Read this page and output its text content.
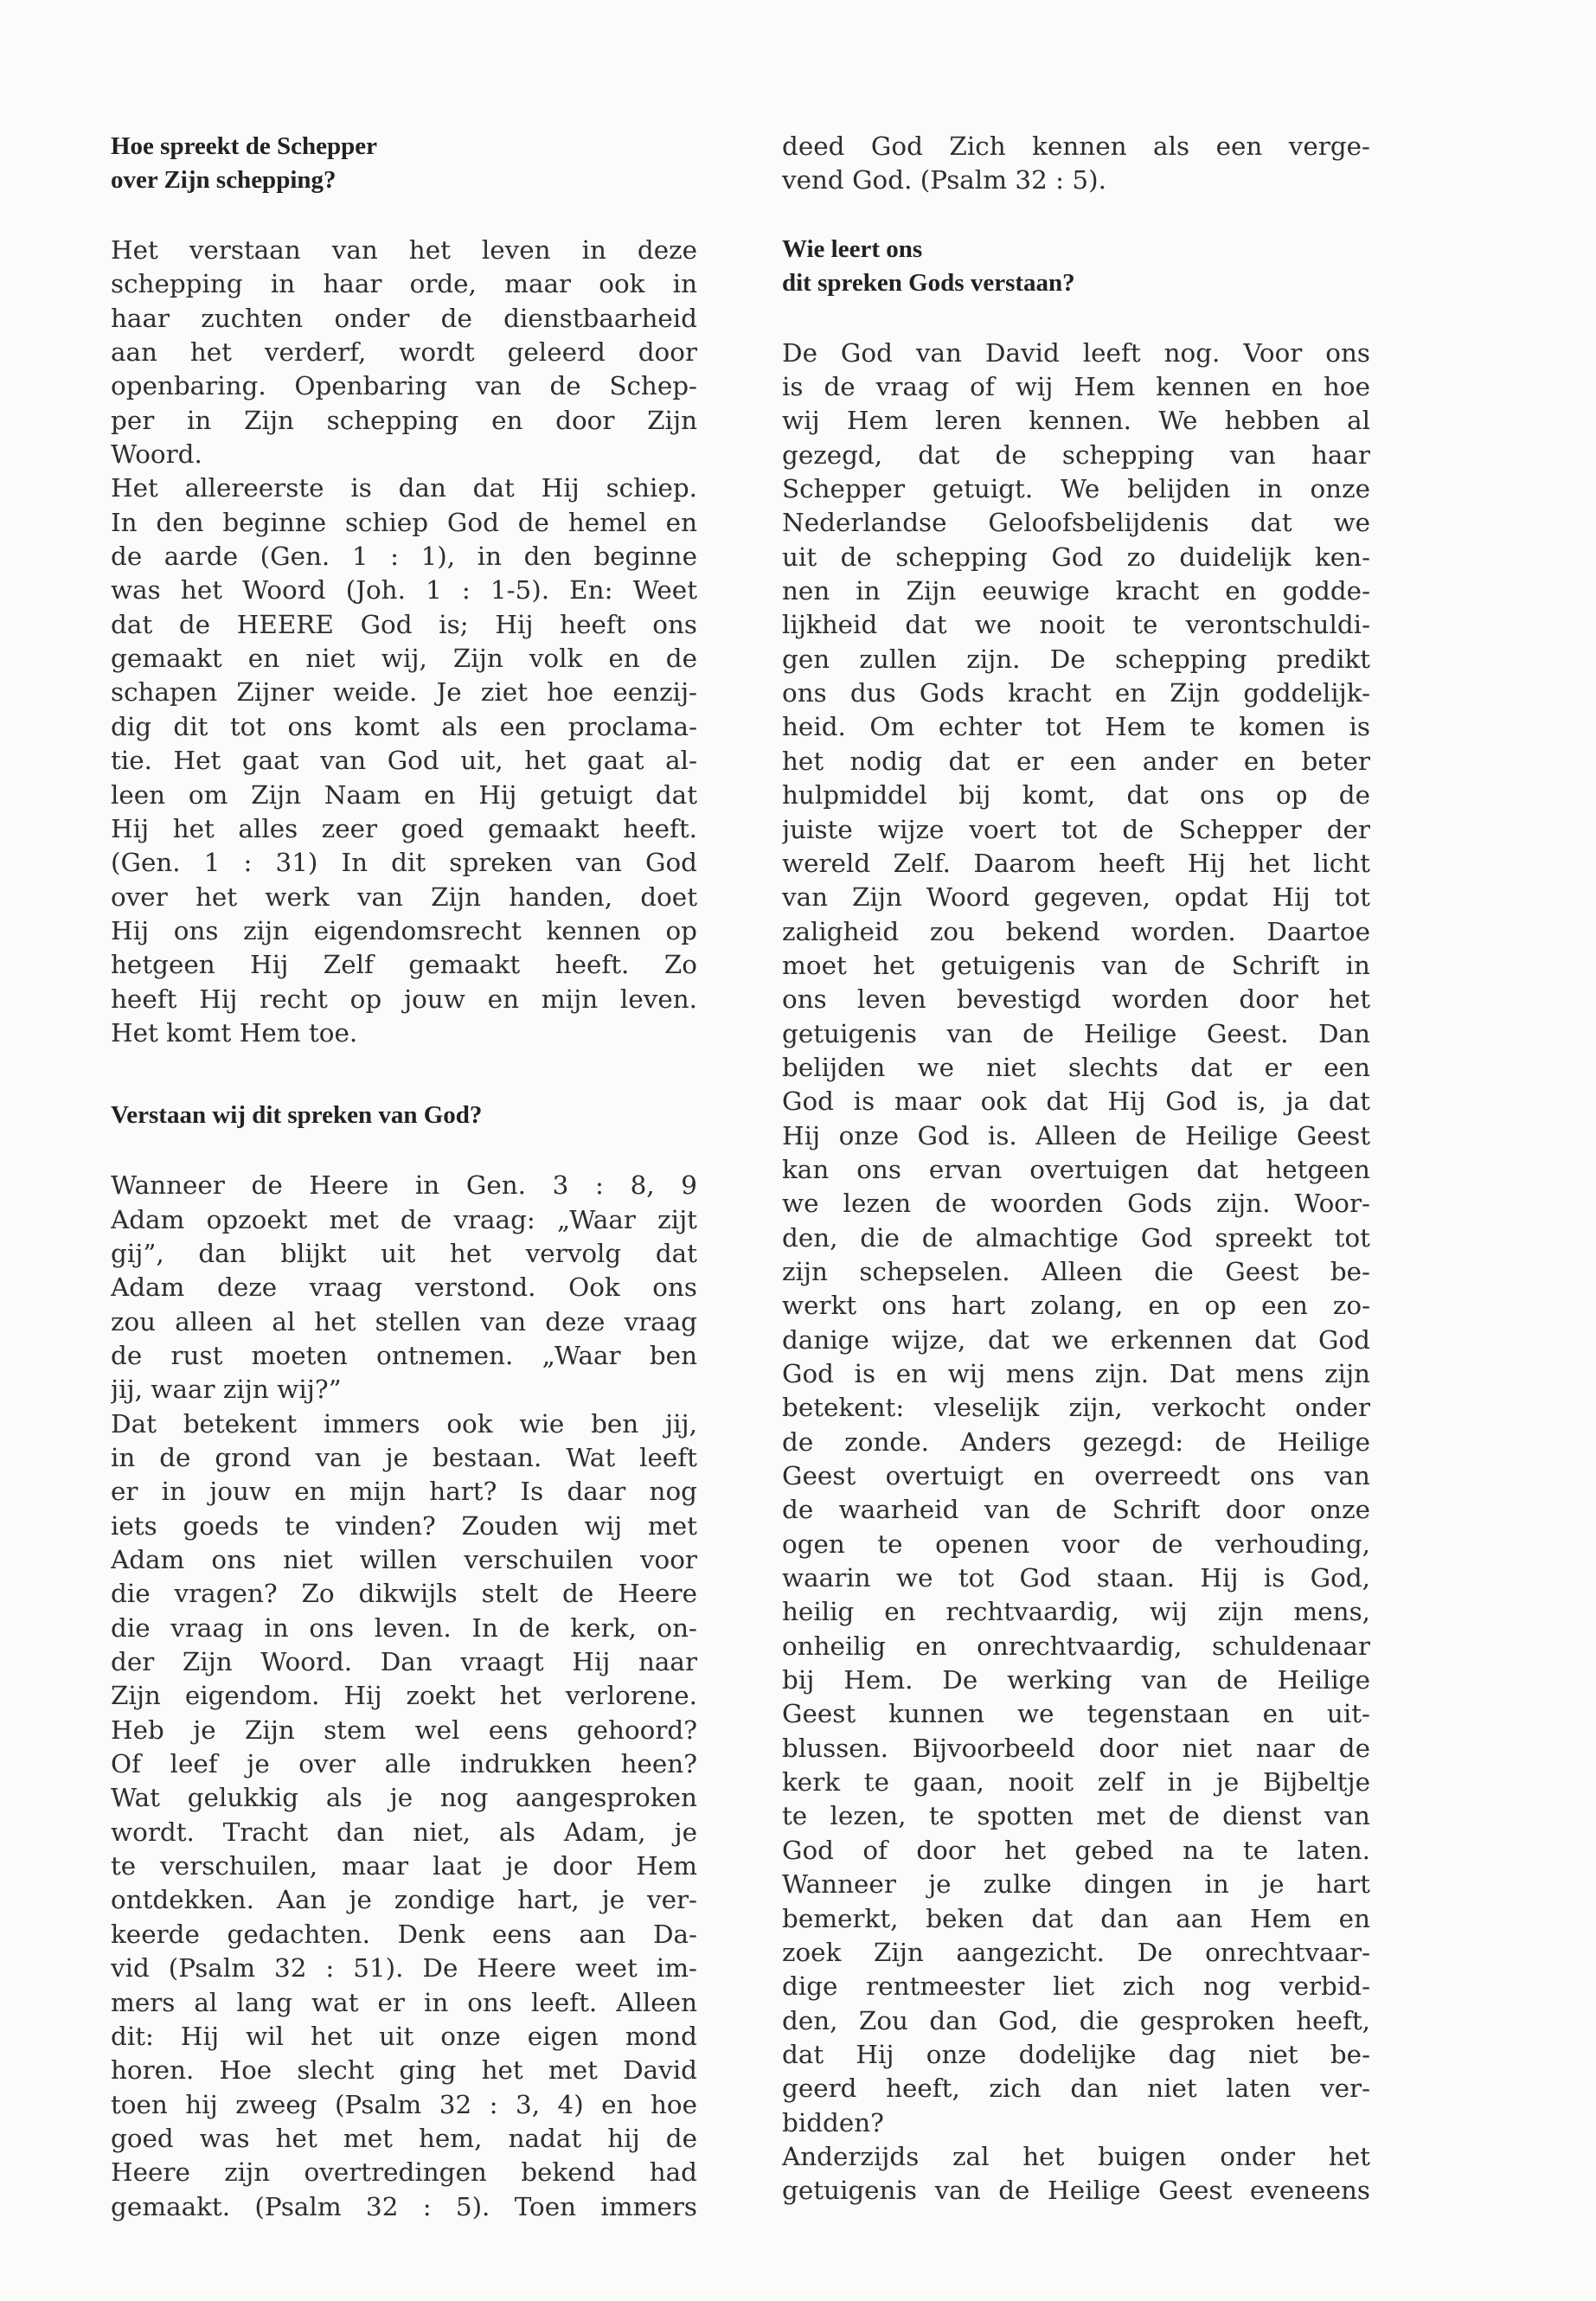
Hoe spreekt de Schepper
over Zijn schepping?
Het verstaan van het leven in deze
schepping in haar orde, maar ook in
haar zuchten onder de dienstbaarheid
aan het verderf, wordt geleerd door
openbaring. Openbaring van de Schep-
per in Zijn schepping en door Zijn
Woord.
Het allereerste is dan dat Hij schiep.
In den beginne schiep God de hemel en
de aarde (Gen. 1 : 1), in den beginne
was het Woord (Joh. 1 : 1-5). En: Weet
dat de HEERE God is; Hij heeft ons
gemaakt en niet wij, Zijn volk en de
schapen Zijner weide. Je ziet hoe eenzij-
dig dit tot ons komt als een proclama-
tie. Het gaat van God uit, het gaat al-
leen om Zijn Naam en Hij getuigt dat
Hij het alles zeer goed gemaakt heeft.
(Gen. 1 : 31) In dit spreken van God
over het werk van Zijn handen, doet
Hij ons zijn eigendomsrecht kennen op
hetgeen Hij Zelf gemaakt heeft. Zo
heeft Hij recht op jouw en mijn leven.
Het komt Hem toe.
Verstaan wij dit spreken van God?
Wanneer de Heere in Gen. 3 : 8, 9
Adam opzoekt met de vraag: „Waar zijt
gij”, dan blijkt uit het vervolg dat
Adam deze vraag verstond. Ook ons
zou alleen al het stellen van deze vraag
de rust moeten ontnemen. „Waar ben
jij, waar zijn wij?”
Dat betekent immers ook wie ben jij,
in de grond van je bestaan. Wat leeft
er in jouw en mijn hart? Is daar nog
iets goeds te vinden? Zouden wij met
Adam ons niet willen verschuilen voor
die vragen? Zo dikwijls stelt de Heere
die vraag in ons leven. In de kerk, on-
der Zijn Woord. Dan vraagt Hij naar
Zijn eigendom. Hij zoekt het verlorene.
Heb je Zijn stem wel eens gehoord?
Of leef je over alle indrukken heen?
Wat gelukkig als je nog aangesproken
wordt. Tracht dan niet, als Adam, je
te verschuilen, maar laat je door Hem
ontdekken. Aan je zondige hart, je ver-
keerde gedachten. Denk eens aan Da-
vid (Psalm 32 : 51). De Heere weet im-
mers al lang wat er in ons leeft. Alleen
dit: Hij wil het uit onze eigen mond
horen. Hoe slecht ging het met David
toen hij zweeg (Psalm 32 : 3, 4) en hoe
goed was het met hem, nadat hij de
Heere zijn overtredingen bekend had
gemaakt. (Psalm 32 : 5). Toen immers
deed God Zich kennen als een verge-
vend God. (Psalm 32 : 5).
Wie leert ons
dit spreken Gods verstaan?
De God van David leeft nog. Voor ons
is de vraag of wij Hem kennen en hoe
wij Hem leren kennen. We hebben al
gezegd, dat de schepping van haar
Schepper getuigt. We belijden in onze
Nederlandse Geloofsbelijdenis dat we
uit de schepping God zo duidelijk ken-
nen in Zijn eeuwige kracht en godde-
lijkheid dat we nooit te verontschuldi-
gen zullen zijn. De schepping predikt
ons dus Gods kracht en Zijn goddelijk-
heid. Om echter tot Hem te komen is
het nodig dat er een ander en beter
hulpmiddel bij komt, dat ons op de
juiste wijze voert tot de Schepper der
wereld Zelf. Daarom heeft Hij het licht
van Zijn Woord gegeven, opdat Hij tot
zaligheid zou bekend worden. Daartoe
moet het getuigenis van de Schrift in
ons leven bevestigd worden door het
getuigenis van de Heilige Geest. Dan
belijden we niet slechts dat er een
God is maar ook dat Hij God is, ja dat
Hij onze God is. Alleen de Heilige Geest
kan ons ervan overtuigen dat hetgeen
we lezen de woorden Gods zijn. Woor-
den, die de almachtige God spreekt tot
zijn schepselen. Alleen die Geest be-
werkt ons hart zolang, en op een zo-
danige wijze, dat we erkennen dat God
God is en wij mens zijn. Dat mens zijn
betekent: vleselijk zijn, verkocht onder
de zonde. Anders gezegd: de Heilige
Geest overtuigt en overreedt ons van
de waarheid van de Schrift door onze
ogen te openen voor de verhouding,
waarin we tot God staan. Hij is God,
heilig en rechtvaardig, wij zijn mens,
onheilig en onrechtvaardig, schuldenaar
bij Hem. De werking van de Heilige
Geest kunnen we tegenstaan en uit-
blussen. Bijvoorbeeld door niet naar de
kerk te gaan, nooit zelf in je Bijbeltje
te lezen, te spotten met de dienst van
God of door het gebed na te laten.
Wanneer je zulke dingen in je hart
bemerkt, beken dat dan aan Hem en
zoek Zijn aangezicht. De onrechtvaar-
dige rentmeester liet zich nog verbid-
den, Zou dan God, die gesproken heeft,
dat Hij onze dodelijke dag niet be-
geerd heeft, zich dan niet laten ver-
bidden?
Anderzijds zal het buigen onder het
getuigenis van de Heilige Geest eveneens
